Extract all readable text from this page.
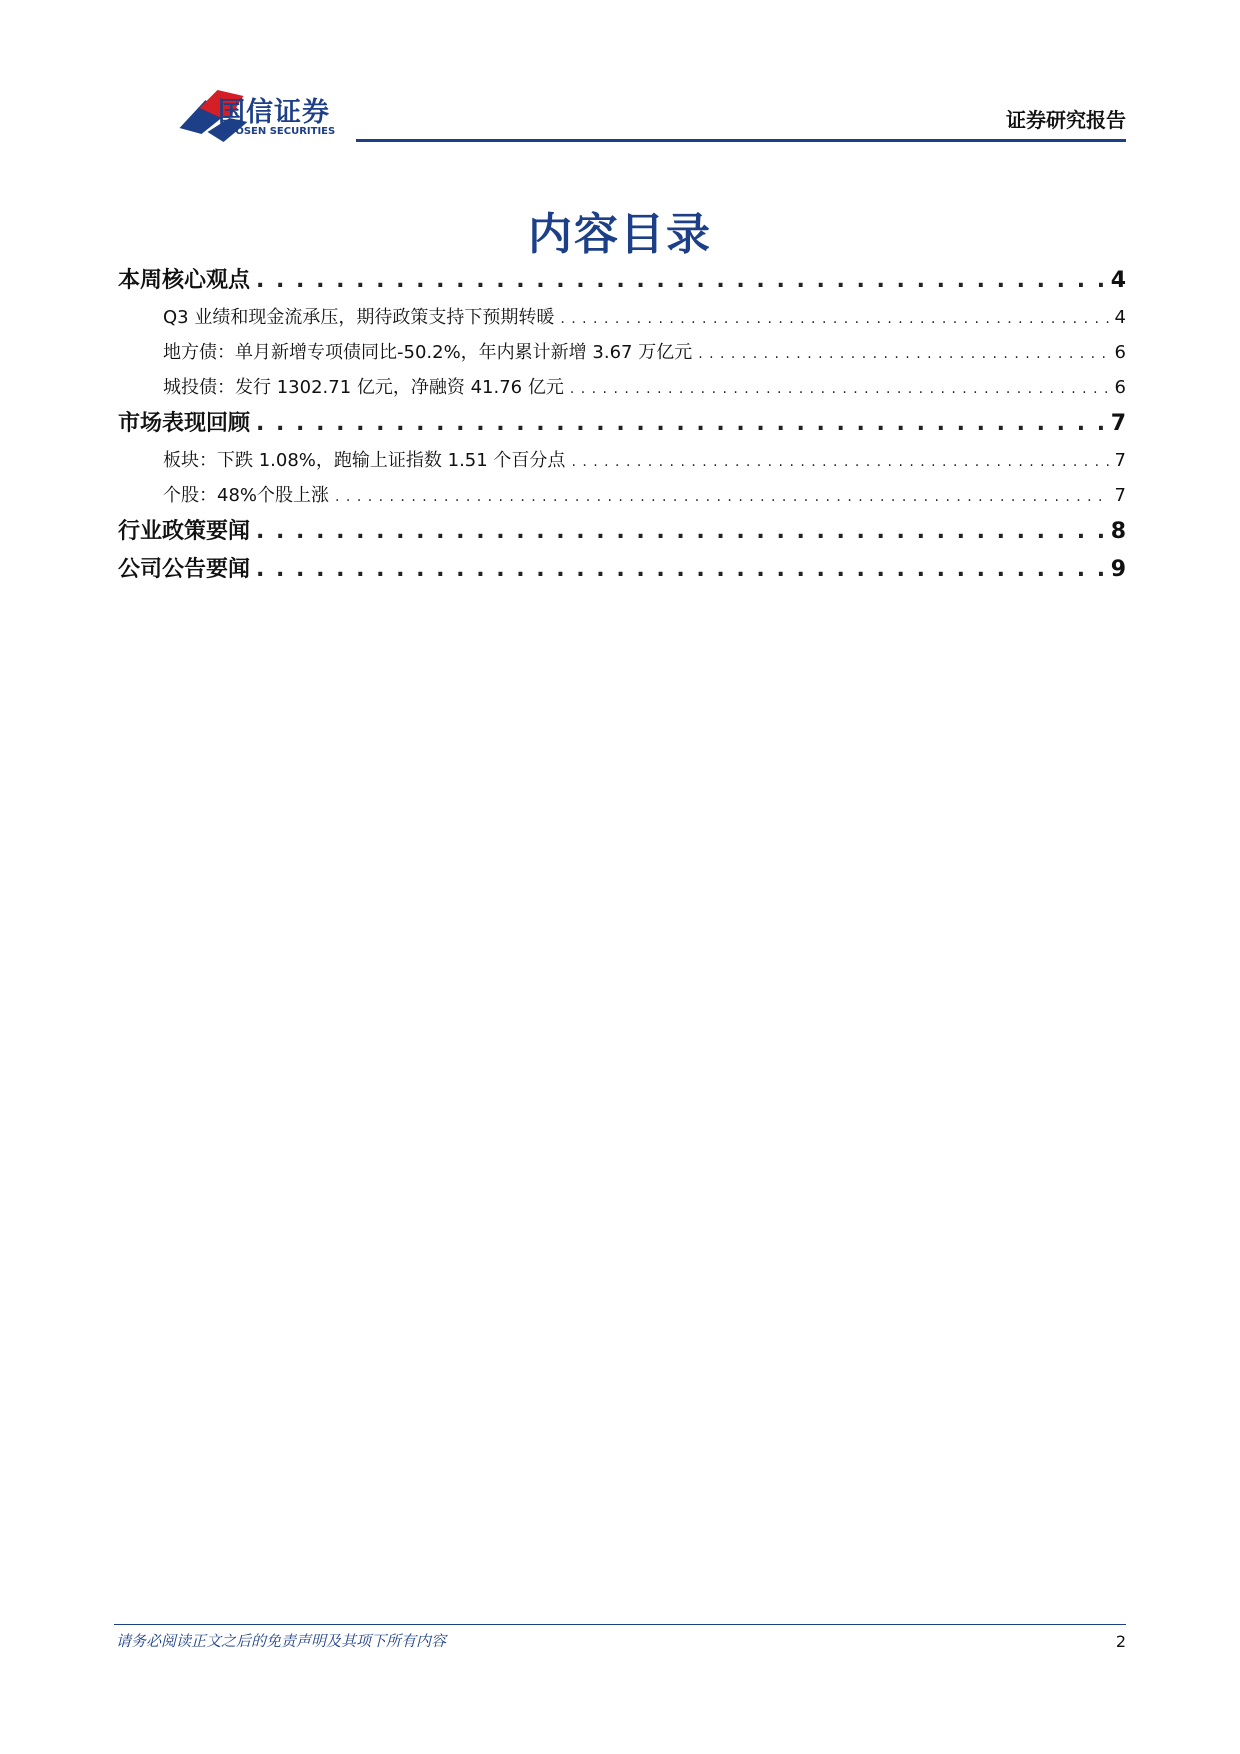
国信证券
GUOSEN SECURITIES	证券研究报告
内容目录
本周核心观点 . . .	4
Q3 业绩和现金流承压，期待政策支持下预期转暖 . . .	4
地方债：单月新增专项债同比-50.2%，年内累计新增 3.67 万亿元 . . .	6
城投债：发行 1302.71 亿元，净融资 41.76 亿元 . . .	6
市场表现回顾 . . .	7
板块：下跌 1.08%，跑输上证指数 1.51 个百分点 . . .	7
个股：48%个股上涨 . . .	7
行业政策要闻 . . .	8
公司公告要闻 . . .	9
请务必阅读正文之后的免责声明及其项下所有内容	2
